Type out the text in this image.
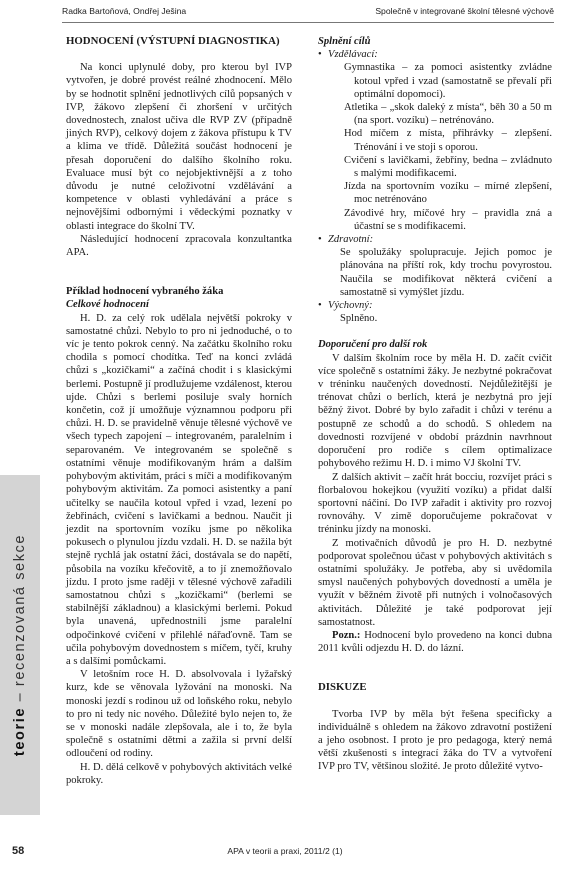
Radka Bartoňová, Ondřej Ješina	Společně v integrované školní tělesné výchově

HODNOCENÍ (VÝSTUPNÍ DIAGNOSTIKA)

Na konci uplynulé doby, pro kterou byl IVP vytvořen, je dobré provést reálné zhodnocení. Mělo by se hodnotit splnění jednotlivých cílů popsaných v IVP, žákovo zlepšení či zhoršení v určitých dovednostech, znalost učiva dle RVP ZV (případně jiných RVP), celkový dojem z žákova přístupu k TV a klima ve třídě. Důležitá součást hodnocení je přesah doporučení do dalšího školního roku. Evaluace musí být co nejobjektivnější a z toho důvodu je nutné celoživotní vzdělávání a kompetence v oblasti vyhledávání a práce s nejnovějšími odbornými i vědeckými poznatky v oblasti integrace do školní TV.

Následující hodnocení zpracovala konzultantka APA.

Příklad hodnocení vybraného žáka

Celkové hodnocení

H. D. za celý rok udělala největší pokroky v samostatné chůzi. Nebylo to pro ni jednoduché, o to víc je tento pokrok cenný. Na začátku školního roku chodila s pomocí chodítka. Teď na konci zvládá chůzi s „kozičkami“ a začíná chodit i s klasickými berlemi. Postupně jí prodlužujeme vzdálenost, kterou ujde. Chůzi s berlemi posiluje svaly horních končetin, což jí umožňuje významnou podporu při chůzi. H. D. se pravidelně věnuje tělesné výchově ve všech typech zapojení – integrovaném, paralelním i separovaném. Ve integrovaném se společně s ostatními věnuje modifikovaným hrám a dalším pohybovým aktivitám, práci s míči a modifikovaným pohybovým aktivitám. Za pomoci asistentky a paní učitelky se naučila kotoul vpřed i vzad, lezení po žebřinách, cvičení s lavičkami a bednou. Naučit ji jezdit na sportovním vozíku jsme po několika pokusech o plynulou jízdu vzdali. H. D. se nažila být stejně rychlá jak ostatní žáci, dostávala se do napětí, působila na vozíku křečovitě, a to jí znemožňovalo jízdu. I proto jsme raději v tělesné výchově zařadili samostatnou chůzi s „kozičkami“ (berlemi se stabilnější základnou) a klasickými berlemi. Pokud byla unavená, upřednostnili jsme paralelní odpočinkové cvičení v přilehlé nářaďovně. Tam se učila pohybovým dovednostem s míčem, tyčí, kruhy a s dalšími pomůckami.

V letošním roce H. D. absolvovala i lyžařský kurz, kde se věnovala lyžování na monoski. Na monoski jezdí s rodinou už od loňského roku, nebylo to pro ni tedy nic nového. Důležité bylo nejen to, že se v monoski nadále zlepšovala, ale i to, že byla společně s ostatními dětmi a zažila si první delší odloučení od rodiny.

H. D. dělá celkově v pohybových aktivitách velké pokroky.

Splnění cílů

• Vzdělávací:

Gymnastika – za pomoci asistentky zvládne kotoul vpřed i vzad (samostatně se převalí při optimální dopomoci).

Atletika – „skok daleký z místa“, běh 30 a 50 m (na sport. vozíku) – netrénováno.

Hod míčem z místa, přihrávky – zlepšení. Trénování i ve stoji s oporou.

Cvičení s lavičkami, žebříny, bedna – zvládnuto s malými modifikacemi.

Jízda na sportovním vozíku – mírné zlepšení, moc netrénováno

Závodivé hry, míčové hry – pravidla zná a účastní se s modifikacemi.

• Zdravotní:

Se spolužáky spolupracuje. Jejich pomoc je plánována na příští rok, kdy trochu povyrostou. Naučila se modifikovat některá cvičení a samostatně si vymýšlet jízdu.

• Výchovný:

Splněno.

Doporučení pro další rok

V dalším školním roce by měla H. D. začít cvičit více společně s ostatními žáky. Je nezbytné pokračovat v tréninku naučených dovedností. Nejdůležitější je trénovat chůzi o berlích, která je nezbytná pro její běžný život. Dobré by bylo zařadit i chůzi v terénu a postupně ze schodů a do schodů. S ohledem na dovednosti rozvíjené v období prázdnin navrhnout doporučení pro rodiče s cílem optimalizace pohybového režimu H. D. i mimo VJ školní TV.

Z dalších aktivit – začít hrát bocciu, rozvíjet práci s florbalovou hokejkou (využití vozíku) a přidat další sportovní náčiní. Do IVP zařadit i aktivity pro rozvoj rovnováhy. V zimě doporučujeme pokračovat v tréninku jízdy na monoski.

Z motivačních důvodů je pro H. D. nezbytné podporovat společnou účast v pohybových aktivitách s ostatními spolužáky. Je potřeba, aby si uvědomila smysl naučených pohybových dovedností a uměla je využít v běžném životě při nutných i volnočasových aktivitách. Důležité je také podporovat její samostatnost.

Pozn.: Hodnocení bylo provedeno na konci dubna 2011 kvůli odjezdu H. D. do lázní.

DISKUZE

Tvorba IVP by měla být řešena specificky a individuálně s ohledem na žákovo zdravotní postižení a jeho osobnost. I proto je pro pedagoga, který nemá větší zkušenosti s integrací žáka do TV a vytvoření IVP pro TV, většinou složité. Je proto důležité vytvo-

teorie – recenzovaná sekce
58	APA v teorii a praxi, 2011/2 (1)
